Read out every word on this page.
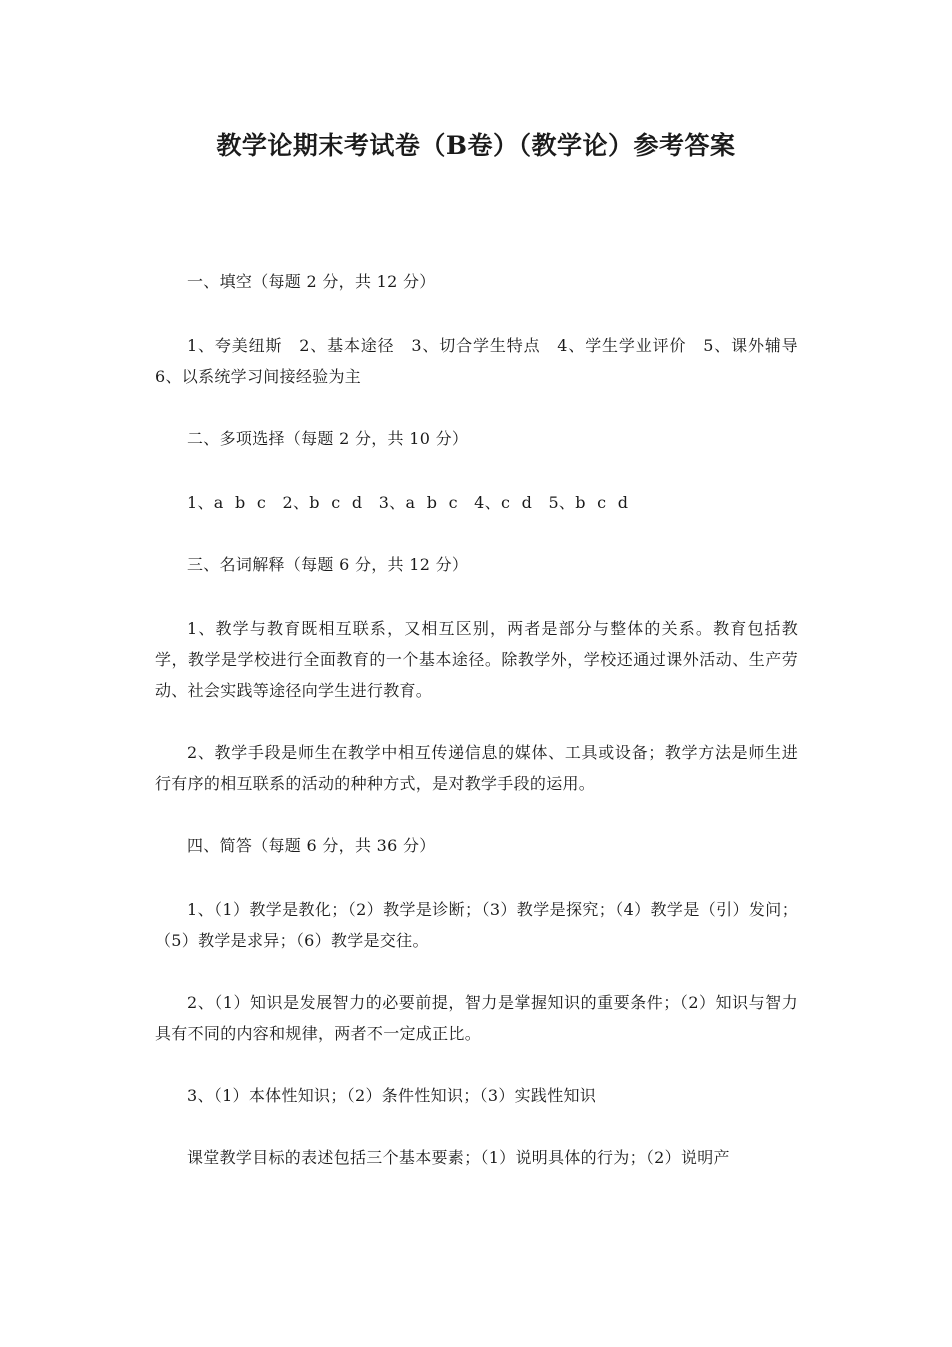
教学论期末考试卷（B卷）（教学论）参考答案

一、填空（每题 2 分，共 12 分）

1、夸美纽斯　2、基本途径　3、切合学生特点　4、学生学业评价　5、课外辅导　6、以系统学习间接经验为主

二、多项选择（每题 2 分，共 10 分）

1、a b c　2、b c d　3、a b c　4、c d　5、b c d

三、名词解释（每题 6 分，共 12 分）

1、教学与教育既相互联系，又相互区别，两者是部分与整体的关系。教育包括教学，教学是学校进行全面教育的一个基本途径。除教学外，学校还通过课外活动、生产劳动、社会实践等途径向学生进行教育。

2、教学手段是师生在教学中相互传递信息的媒体、工具或设备；教学方法是师生进行有序的相互联系的活动的种种方式，是对教学手段的运用。

四、简答（每题 6 分，共 36 分）

1、（1）教学是教化；（2）教学是诊断；（3）教学是探究；（4）教学是（引）发问；（5）教学是求异；（6）教学是交往。

2、（1）知识是发展智力的必要前提，智力是掌握知识的重要条件；（2）知识与智力具有不同的内容和规律，两者不一定成正比。

3、（1）本体性知识；（2）条件性知识；（3）实践性知识

课堂教学目标的表述包括三个基本要素；（1）说明具体的行为；（2）说明产
